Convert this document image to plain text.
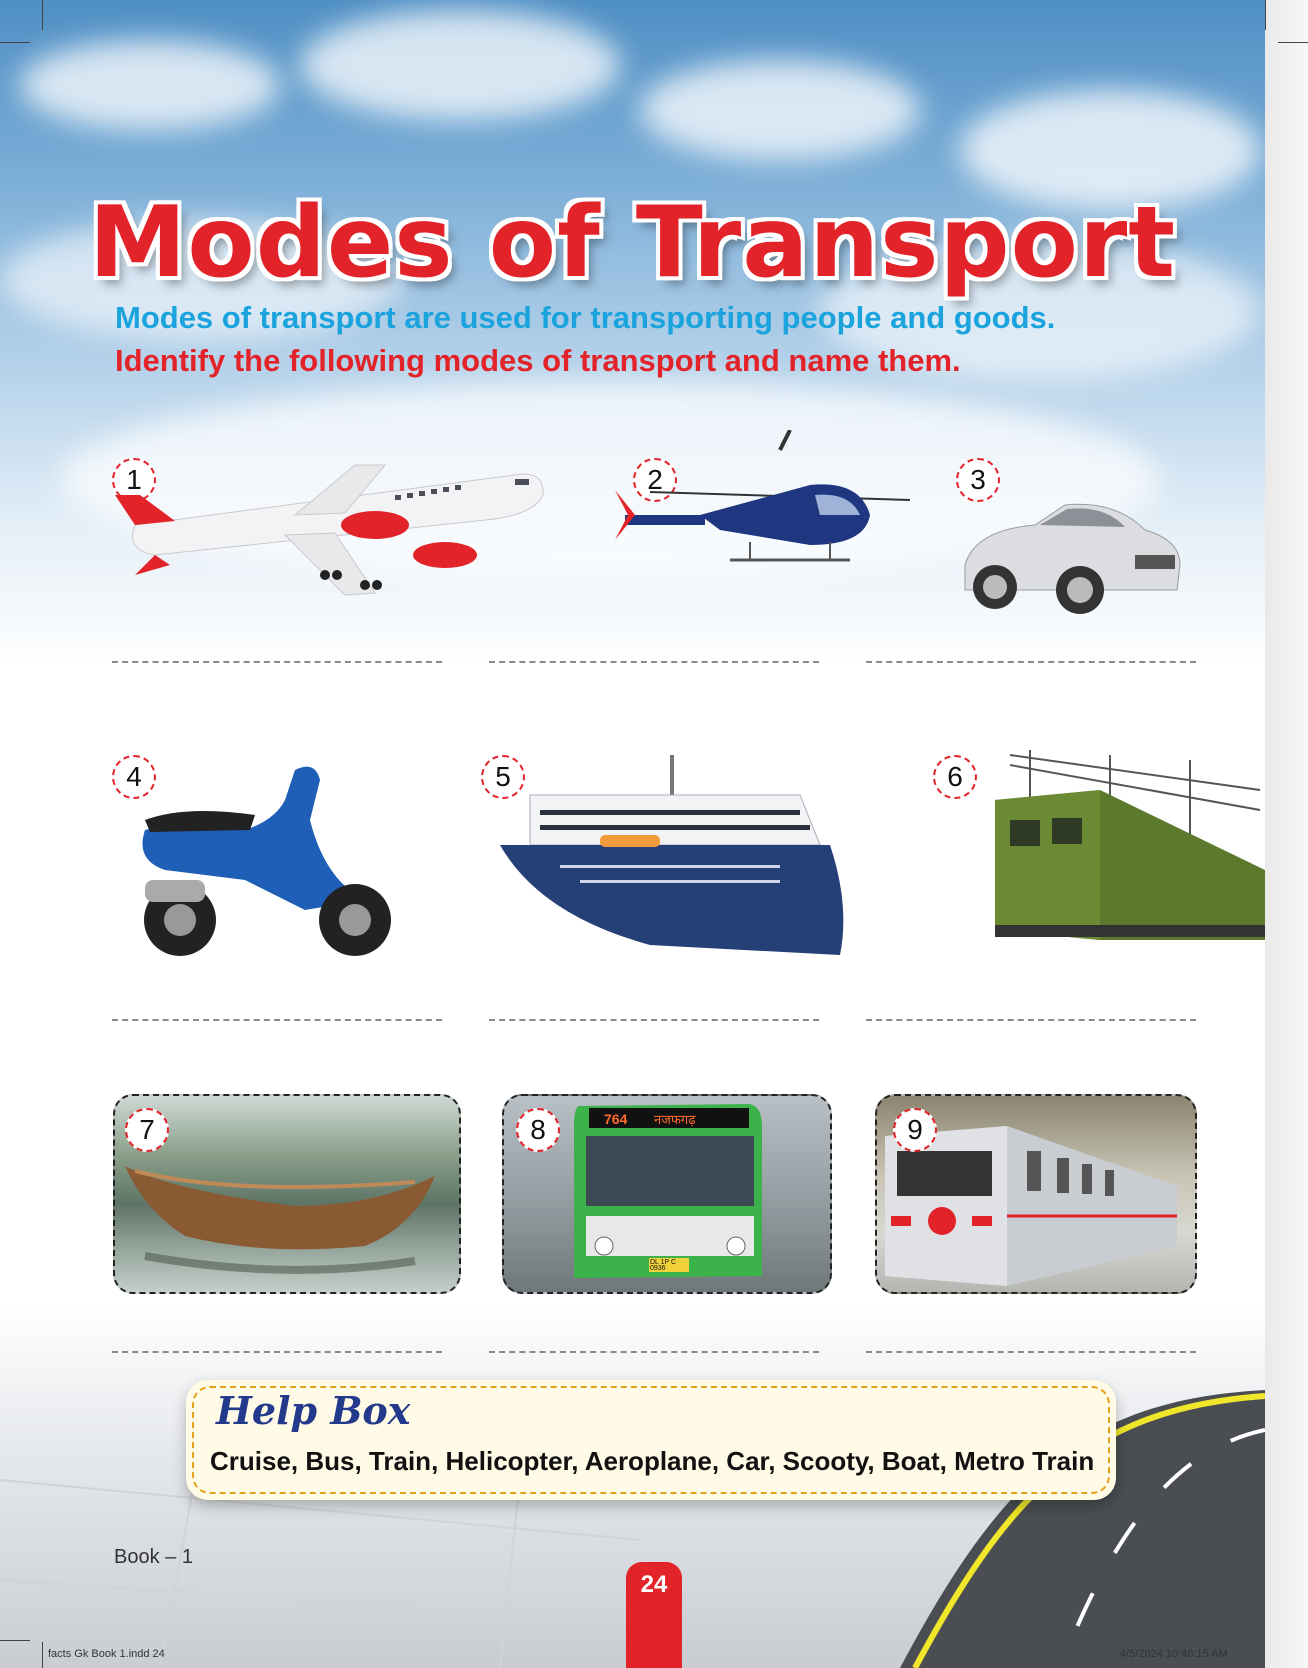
Modes of Transport
Modes of transport are used for transporting people and goods.
Identify the following modes of transport and name them.
1	2	3
4	5	6
7	764 नजफगढ़
DL 1P C 0936
8	9
Help Box
Cruise, Bus, Train, Helicopter, Aeroplane, Car, Scooty, Boat, Metro Train
Book – 1
24
facts Gk Book 1.indd 24	4/5/2024 10:46:15 AM
